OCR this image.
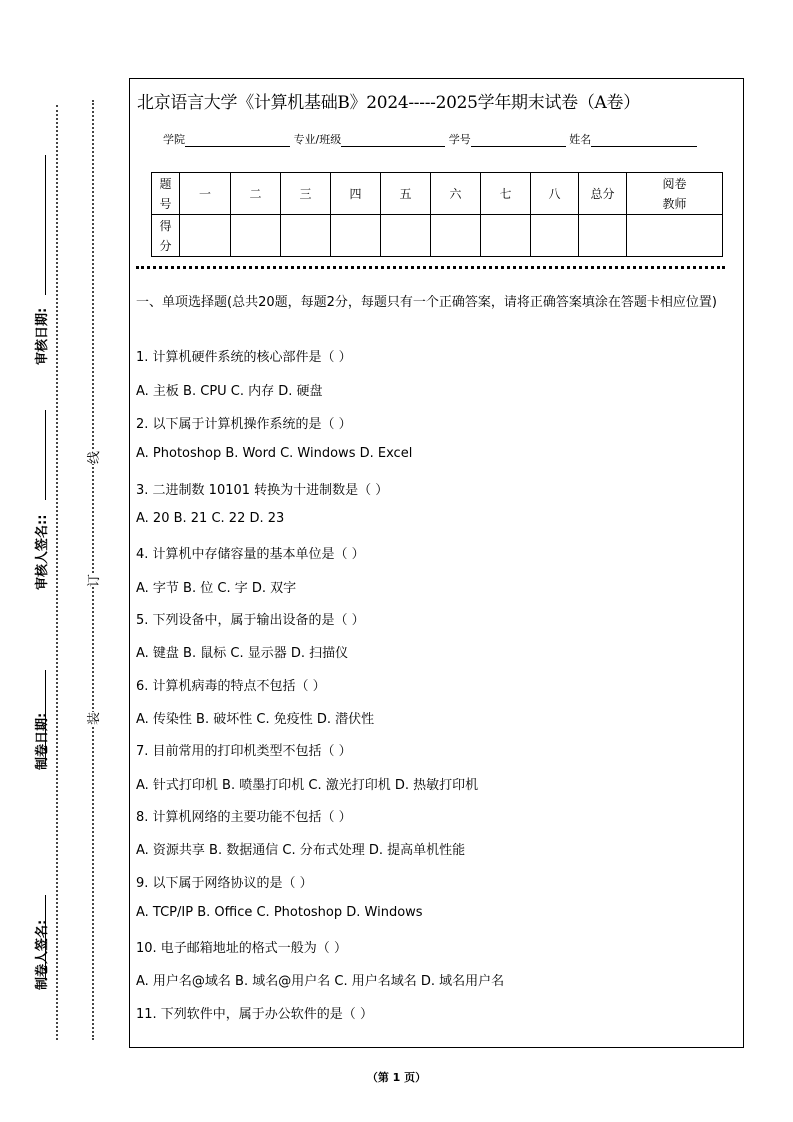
审核日期:
审核人签名::
制卷日期:
制卷人签名:
线
订
装
北京语言大学《计算机基础B》2024-----2025学年期末试卷（A卷）
学院	专业/班级	学号	姓名
题号	一	二	三	四	五	六	七	八	总分	阅卷教师
得分										
一、单项选择题(总共20题，每题2分，每题只有一个正确答案，请将正确答案填涂在答题卡相应位置)
1. 计算机硬件系统的核心部件是（ ）
A. 主板 B. CPU C. 内存 D. 硬盘
2. 以下属于计算机操作系统的是（ ）
A. Photoshop B. Word C. Windows D. Excel
3. 二进制数 10101 转换为十进制数是（ ）
A. 20 B. 21 C. 22 D. 23
4. 计算机中存储容量的基本单位是（ ）
A. 字节 B. 位 C. 字 D. 双字
5. 下列设备中，属于输出设备的是（ ）
A. 键盘 B. 鼠标 C. 显示器 D. 扫描仪
6. 计算机病毒的特点不包括（ ）
A. 传染性 B. 破坏性 C. 免疫性 D. 潜伏性
7. 目前常用的打印机类型不包括（ ）
A. 针式打印机 B. 喷墨打印机 C. 激光打印机 D. 热敏打印机
8. 计算机网络的主要功能不包括（ ）
A. 资源共享 B. 数据通信 C. 分布式处理 D. 提高单机性能
9. 以下属于网络协议的是（ ）
A. TCP/IP B. Office C. Photoshop D. Windows
10. 电子邮箱地址的格式一般为（ ）
A. 用户名@域名 B. 域名@用户名 C. 用户名域名 D. 域名用户名
11. 下列软件中，属于办公软件的是（ ）
（第 1 页）
